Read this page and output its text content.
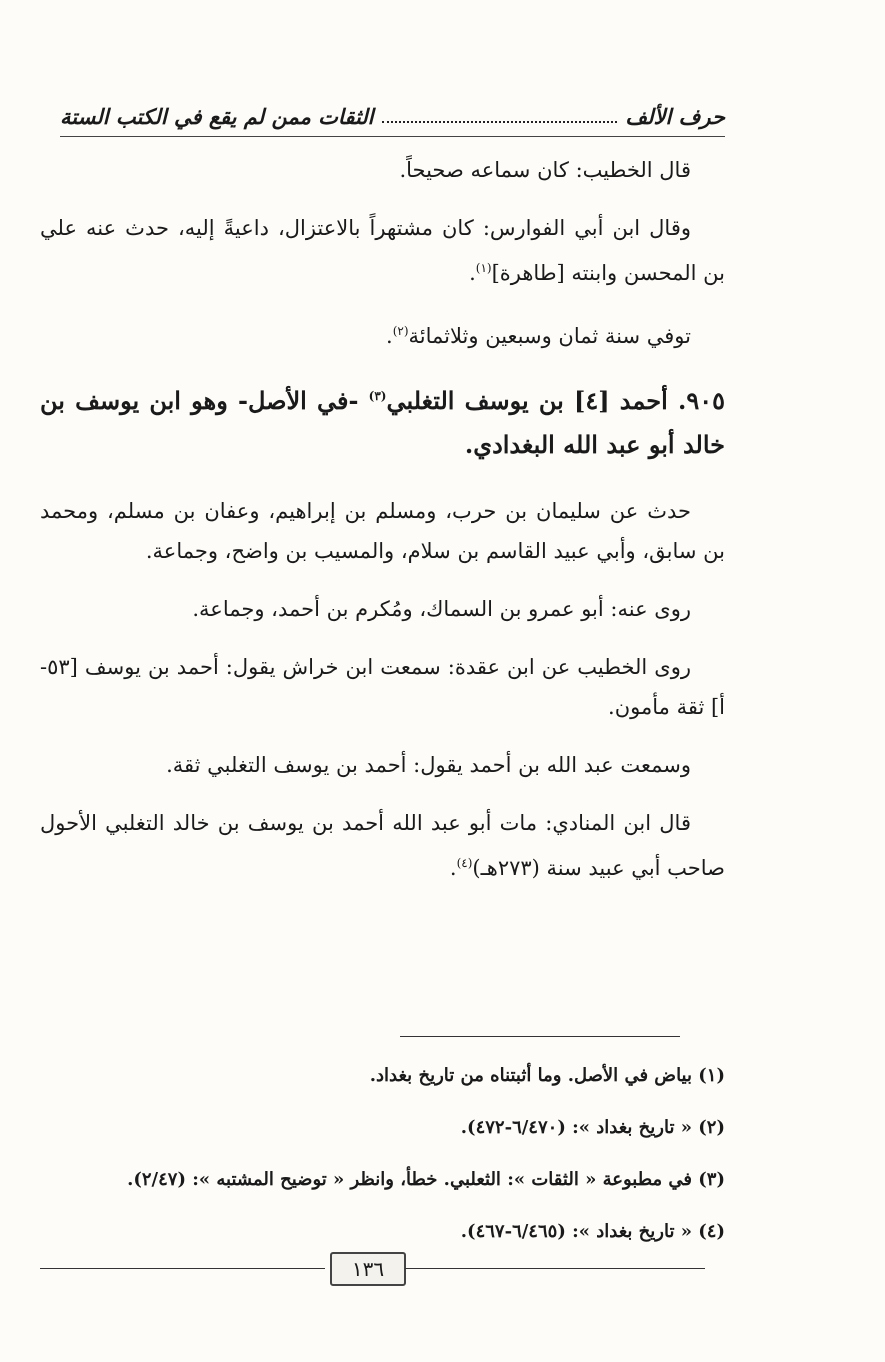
حرف الألف
الثقات ممن لم يقع في الكتب الستة

قال الخطيب: كان سماعه صحيحاً.

وقال ابن أبي الفوارس: كان مشتهراً بالاعتزال، داعيةً إليه، حدث عنه علي بن المحسن وابنته [طاهرة]$^{(١)}$.

توفي سنة ثمان وسبعين وثلاثمائة$^{(٢)}$.

٩٠٥. أحمد [٤] بن يوسف التغلبي$^{(٣)}$ -في الأصل- وهو ابن يوسف بن خالد أبو عبد الله البغدادي.

حدث عن سليمان بن حرب، ومسلم بن إبراهيم، وعفان بن مسلم، ومحمد بن سابق، وأبي عبيد القاسم بن سلام، والمسيب بن واضح، وجماعة.

روى عنه: أبو عمرو بن السماك، ومُكرم بن أحمد، وجماعة.

روى الخطيب عن ابن عقدة: سمعت ابن خراش يقول: أحمد بن يوسف [٥٣-أ] ثقة مأمون.

وسمعت عبد الله بن أحمد يقول: أحمد بن يوسف التغلبي ثقة.

قال ابن المنادي: مات أبو عبد الله أحمد بن يوسف بن خالد التغلبي الأحول صاحب أبي عبيد سنة (٢٧٣هـ)$^{(٤)}$.

(١) بياض في الأصل. وما أثبتناه من تاريخ بغداد.
(٢) « تاريخ بغداد »: (٦/٤٧٠-٤٧٢).
(٣) في مطبوعة « الثقات »: الثعلبي. خطأ، وانظر « توضيح المشتبه »: (٢/٤٧).
(٤) « تاريخ بغداد »: (٦/٤٦٥-٤٦٧).
١٣٦
